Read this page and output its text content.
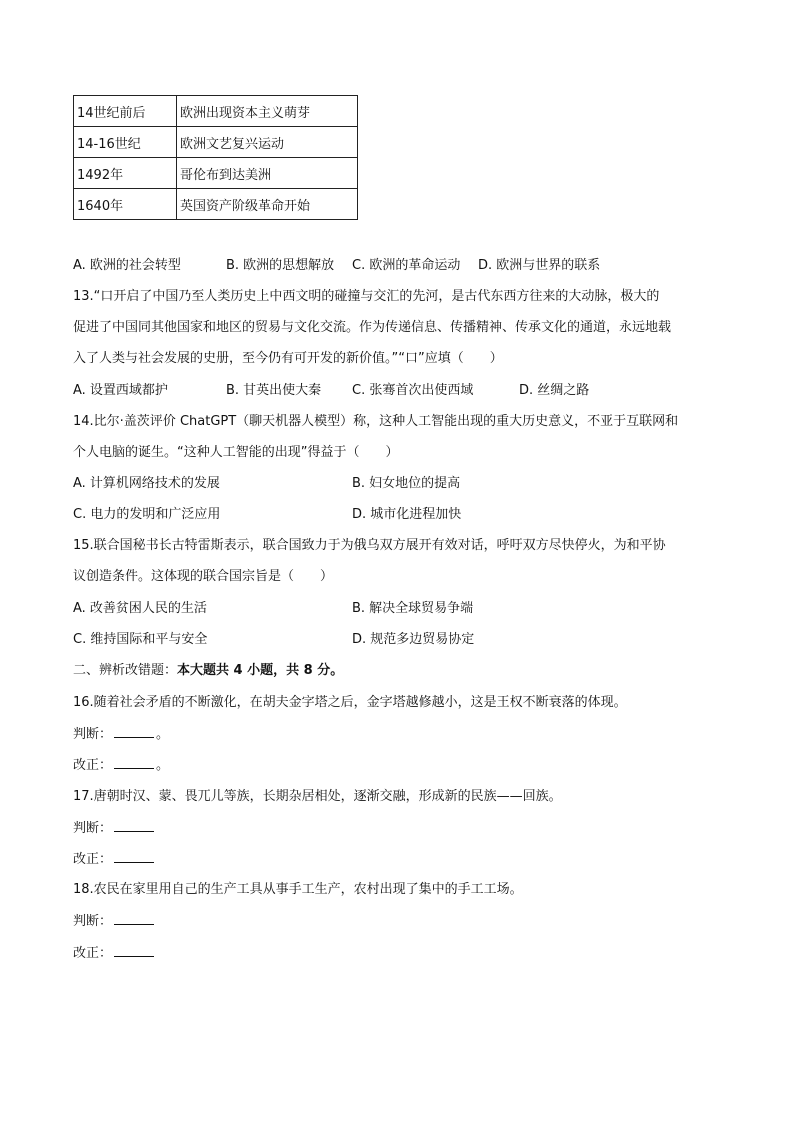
14世纪前后	欧洲出现资本主义萌芽
14-16世纪	欧洲文艺复兴运动
1492年	哥伦布到达美洲
1640年	英国资产阶级革命开始
A. 欧洲的社会转型	B. 欧洲的思想解放 C. 欧洲的革命运动 D. 欧洲与世界的联系
13.“口开启了中国乃至人类历史上中西文明的碰撞与交汇的先河，是古代东西方往来的大动脉，极大的
促进了中国同其他国家和地区的贸易与文化交流。作为传递信息、传播精神、传承文化的通道，永远地载
入了人类与社会发展的史册，至今仍有可开发的新价值。”“口”应填（　　）
A. 设置西域都护	B. 甘英出使大秦 C. 张骞首次出使西域	D. 丝绸之路
14.比尔·盖茨评价 ChatGPT（聊天机器人模型）称，这种人工智能出现的重大历史意义，不亚于互联网和
个人电脑的诞生。“这种人工智能的出现”得益于（　　）
A. 计算机网络技术的发展	B. 妇女地位的提高
C. 电力的发明和广泛应用	D. 城市化进程加快
15.联合国秘书长古特雷斯表示，联合国致力于为俄乌双方展开有效对话，呼吁双方尽快停火，为和平协
议创造条件。这体现的联合国宗旨是（　　）
A. 改善贫困人民的生活	B. 解决全球贸易争端
C. 维持国际和平与安全	D. 规范多边贸易协定
二、辨析改错题：本大题共 4 小题，共 8 分。
16.随着社会矛盾的不断激化，在胡夫金字塔之后，金字塔越修越小，这是王权不断衰落的体现。
判断：	。
改正：	。
17.唐朝时汉、蒙、畏兀儿等族，长期杂居相处，逐渐交融，形成新的民族——回族。
判断：
改正：
18.农民在家里用自己的生产工具从事手工生产，农村出现了集中的手工工场。
判断：
改正：
